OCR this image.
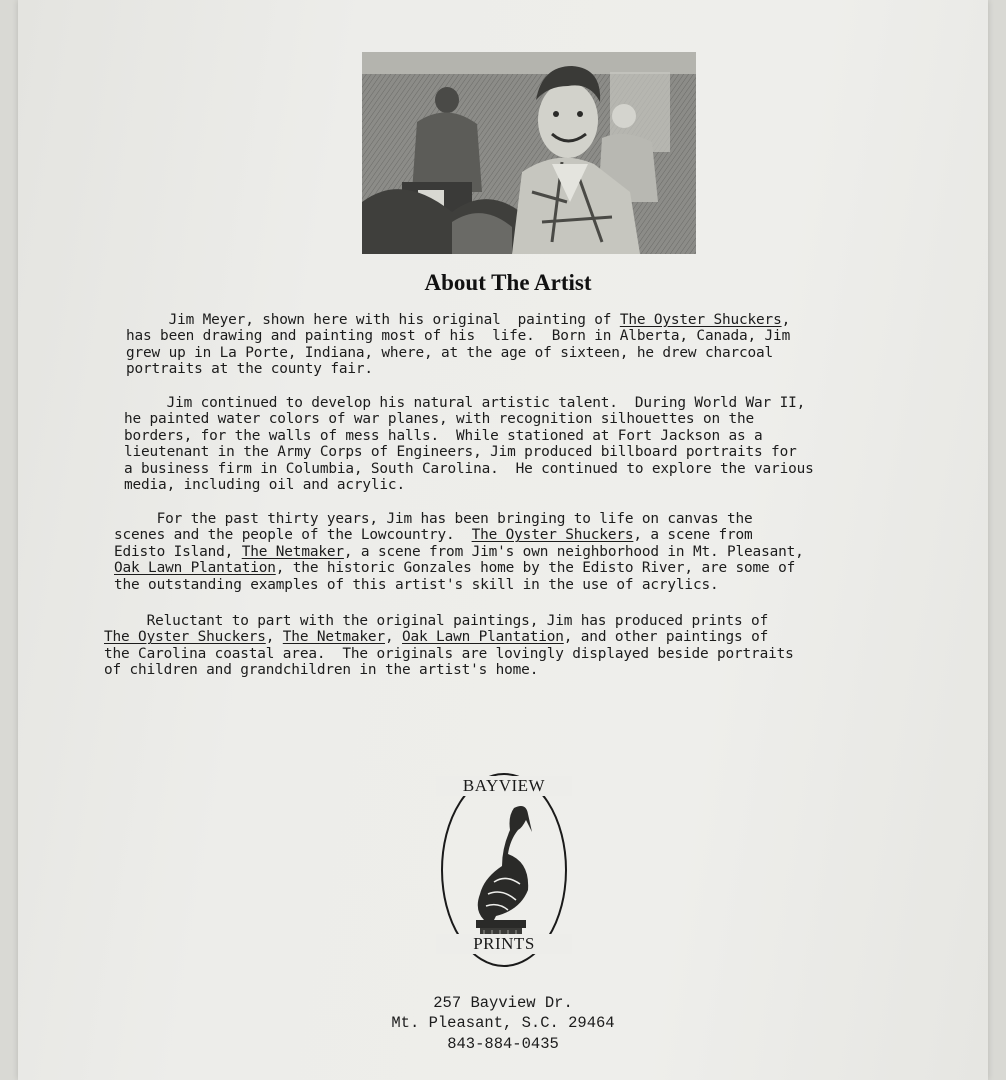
About The Artist
Jim Meyer, shown here with his original  painting of The Oyster Shuckers,
has been drawing and painting most of his  life.  Born in Alberta, Canada, Jim
grew up in La Porte, Indiana, where, at the age of sixteen, he drew charcoal
portraits at the county fair.
Jim continued to develop his natural artistic talent.  During World War II,
he painted water colors of war planes, with recognition silhouettes on the
borders, for the walls of mess halls.  While stationed at Fort Jackson as a
lieutenant in the Army Corps of Engineers, Jim produced billboard portraits for
a business firm in Columbia, South Carolina.  He continued to explore the various
media, including oil and acrylic.
For the past thirty years, Jim has been bringing to life on canvas the
scenes and the people of the Lowcountry.  The Oyster Shuckers, a scene from
Edisto Island, The Netmaker, a scene from Jim's own neighborhood in Mt. Pleasant,
Oak Lawn Plantation, the historic Gonzales home by the Edisto River, are some of
the outstanding examples of this artist's skill in the use of acrylics.
Reluctant to part with the original paintings, Jim has produced prints of
The Oyster Shuckers, The Netmaker, Oak Lawn Plantation, and other paintings of
the Carolina coastal area.  The originals are lovingly displayed beside portraits
of children and grandchildren in the artist's home.
BAYVIEW
PRINTS

257 Bayview Dr.

Mt. Pleasant, S.C. 29464

843-884-0435
